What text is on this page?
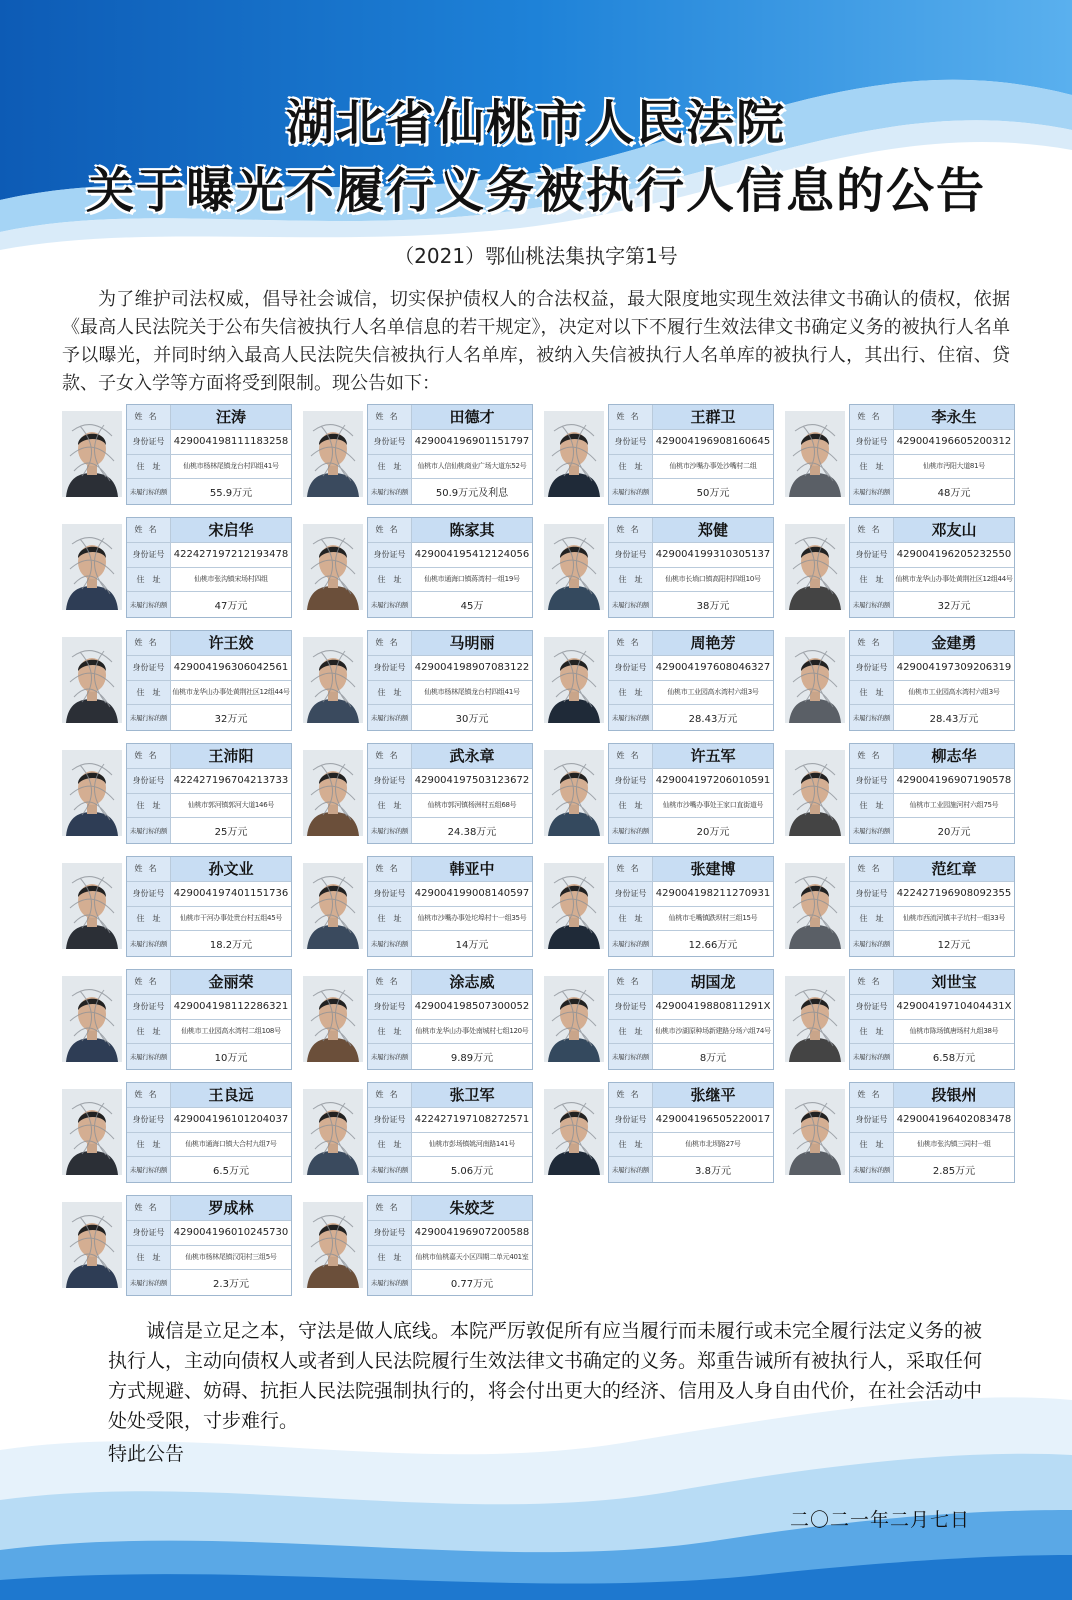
湖北省仙桃市人民法院
关于曝光不履行义务被执行人信息的公告
（2021）鄂仙桃法集执字第1号
为了维护司法权威，倡导社会诚信，切实保护债权人的合法权益，最大限度地实现生效法律文书确认的债权，依据《最高人民法院关于公布失信被执行人名单信息的若干规定》，决定对以下不履行生效法律文书确定义务的被执行人名单予以曝光，并同时纳入最高人民法院失信被执行人名单库，被纳入失信被执行人名单库的被执行人，其出行、住宿、贷款、子女入学等方面将受到限制。现公告如下：
姓名	汪涛
身份证号 429004198111183258
住　址	仙桃市杨林尾镇龙台村四组41号
未履行标的额	55.9万元
姓名	田德才
身份证号 429004196901151797
住　址	仙桃市人信仙桃商业广场大道东52号
未履行标的额	50.9万元及利息
姓名	王群卫
身份证号 429004196908160645
住　址	仙桃市沙嘴办事处沙嘴村二组
未履行标的额	50万元
姓名	李永生
身份证号 429004196605200312
住　址	仙桃市沔阳大道81号
未履行标的额	48万元
姓名	宋启华
身份证号 422427197212193478
住　址	仙桃市张沟镇宋场村四组
未履行标的额	47万元
姓名	陈家其
身份证号 429004195412124056
住　址	仙桃市通海口镇蒋湾村一组19号
未履行标的额	45万
姓名	郑健
身份证号 429004199310305137
住　址	仙桃市长埫口镇高阳村四组10号
未履行标的额	38万元
姓名	邓友山
身份证号 429004196205232550
住　址	仙桃市龙华山办事处黄荆社区12组44号
未履行标的额	32万元
姓名	许王姣
身份证号 429004196306042561
住　址	仙桃市龙华山办事处黄荆社区12组44号
未履行标的额	32万元
姓名	马明丽
身份证号 429004198907083122
住　址	仙桃市杨林尾镇龙台村四组41号
未履行标的额	30万元
姓名	周艳芳
身份证号 429004197608046327
住　址	仙桃市工业园高水湾村六组3号
未履行标的额	28.43万元
姓名	金建勇
身份证号 429004197309206319
住　址	仙桃市工业园高水湾村六组3号
未履行标的额	28.43万元
姓名	王沛阳
身份证号 422427196704213733
住　址	仙桃市郭河镇郭河大道146号
未履行标的额	25万元
姓名	武永章
身份证号 429004197503123672
住　址	仙桃市郭河镇杨洲村五组68号
未履行标的额	24.38万元
姓名	许五军
身份证号 429004197206010591
住　址	仙桃市沙嘴办事处王家口直街道号
未履行标的额	20万元
姓名	柳志华
身份证号 429004196907190578
住　址	仙桃市工业园施河村六组75号
未履行标的额	20万元
姓名	孙文业
身份证号 429004197401151736
住　址	仙桃市干河办事处贵台村五组45号
未履行标的额	18.2万元
姓名	韩亚中
身份证号 429004199008140597
住　址	仙桃市沙嘴办事处坨埠村十一组35号
未履行标的额	14万元
姓名	张建博
身份证号 429004198211270931
住　址	仙桃市毛嘴镇跌坝村三组15号
未履行标的额	12.66万元
姓名	范红章
身份证号 422427196908092355
住　址	仙桃市西流河镇丰子坑村一组33号
未履行标的额	12万元
姓名	金丽荣
身份证号 429004198112286321
住　址	仙桃市工业园高水湾村二组108号
未履行标的额	10万元
姓名	涂志威
身份证号 429004198507300052
住　址	仙桃市龙华山办事处南城村七组120号
未履行标的额	9.89万元
姓名	胡国龙
身份证号 42900419880811291X
住　址	仙桃市沙湖原种场新建路分场六组74号
未履行标的额	8万元
姓名	刘世宝
身份证号 42900419710404431X
住　址	仙桃市陈场镇唐场村九组38号
未履行标的额	6.58万元
姓名	王良远
身份证号 429004196101204037
住　址	仙桃市通海口镇大合村九组7号
未履行标的额	6.5万元
姓名	张卫军
身份证号 422427197108272571
住　址	仙桃市彭场镇姚河南路141号
未履行标的额	5.06万元
姓名	张继平
身份证号 429004196505220017
住　址	仙桃市北坝路27号
未履行标的额	3.8万元
姓名	段银州
身份证号 429004196402083478
住　址	仙桃市张沟镇三同村一组
未履行标的额	2.85万元
姓名	罗成林
身份证号 429004196010245730
住　址	仙桃市杨林尾镇汉阳村三组5号
未履行标的额	2.3万元
姓名	朱姣芝
身份证号 429004196907200588
住　址	仙桃市仙桃嘉天小区四期二单元401室
未履行标的额	0.77万元

诚信是立足之本，守法是做人底线。本院严厉敦促所有应当履行而未履行或未完全履行法定义务的被执行人，主动向债权人或者到人民法院履行生效法律文书确定的义务。郑重告诫所有被执行人，采取任何方式规避、妨碍、抗拒人民法院强制执行的，将会付出更大的经济、信用及人身自由代价，在社会活动中处处受限，寸步难行。

特此公告

二〇二一年二月七日
